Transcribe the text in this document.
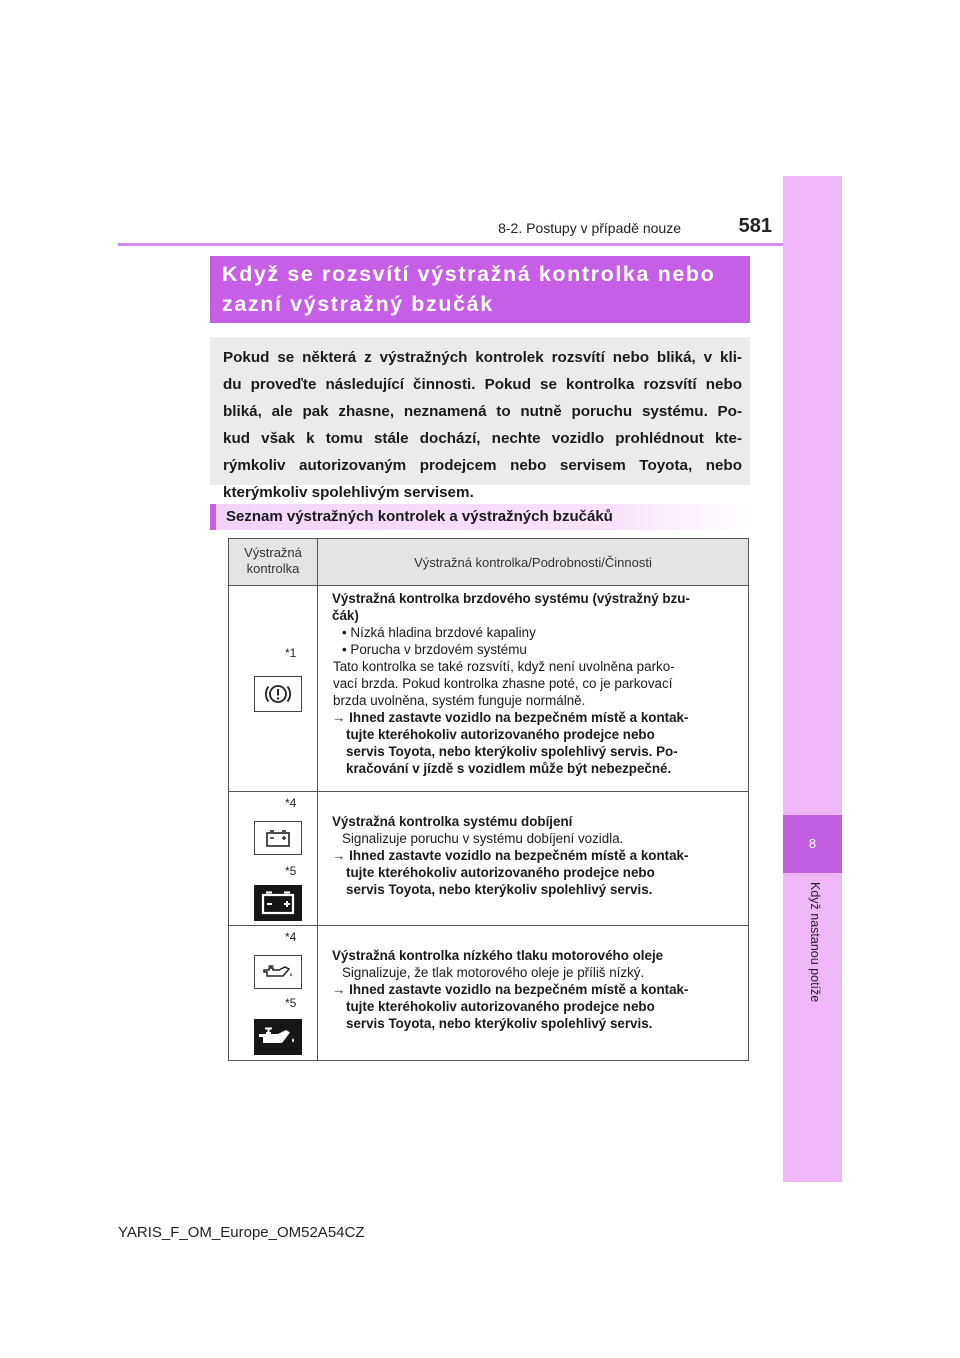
8-2. Postupy v případě nouze	581
8
Když nastanou potíže
Když se rozsvítí výstražná kontrolka nebo
zazní výstražný bzučák
Pokud se některá z výstražných kontrolek rozsvítí nebo bliká, v kli-
du proveďte následující činnosti. Pokud se kontrolka rozsvítí nebo
bliká, ale pak zhasne, neznamená to nutně poruchu systému. Po-
kud však k tomu stále dochází, nechte vozidlo prohlédnout kte-
rýmkoliv autorizovaným prodejcem nebo servisem Toyota, nebo
kterýmkoliv spolehlivým servisem.
Seznam výstražných kontrolek a výstražných bzučáků
Výstražná
kontrolka	Výstražná kontrolka/Podrobnosti/Činnosti
*1
Výstražná kontrolka brzdového systému (výstražný bzu-
čák)
• Nízká hladina brzdové kapaliny
• Porucha v brzdovém systému
Tato kontrolka se také rozsvítí, když není uvolněna parko-
vací brzda. Pokud kontrolka zhasne poté, co je parkovací
brzda uvolněna, systém funguje normálně.
→ Ihned zastavte vozidlo na bezpečném místě a kontak-
tujte kteréhokoliv autorizovaného prodejce nebo
servis Toyota, nebo kterýkoliv spolehlivý servis. Po-
kračování v jízdě s vozidlem může být nebezpečné.
*4
*5
Výstražná kontrolka systému dobíjení
Signalizuje poruchu v systému dobíjení vozidla.
→ Ihned zastavte vozidlo na bezpečném místě a kontak-
tujte kteréhokoliv autorizovaného prodejce nebo
servis Toyota, nebo kterýkoliv spolehlivý servis.
*4
*5
Výstražná kontrolka nízkého tlaku motorového oleje
Signalizuje, že tlak motorového oleje je příliš nízký.
→ Ihned zastavte vozidlo na bezpečném místě a kontak-
tujte kteréhokoliv autorizovaného prodejce nebo
servis Toyota, nebo kterýkoliv spolehlivý servis.
YARIS_F_OM_Europe_OM52A54CZ
